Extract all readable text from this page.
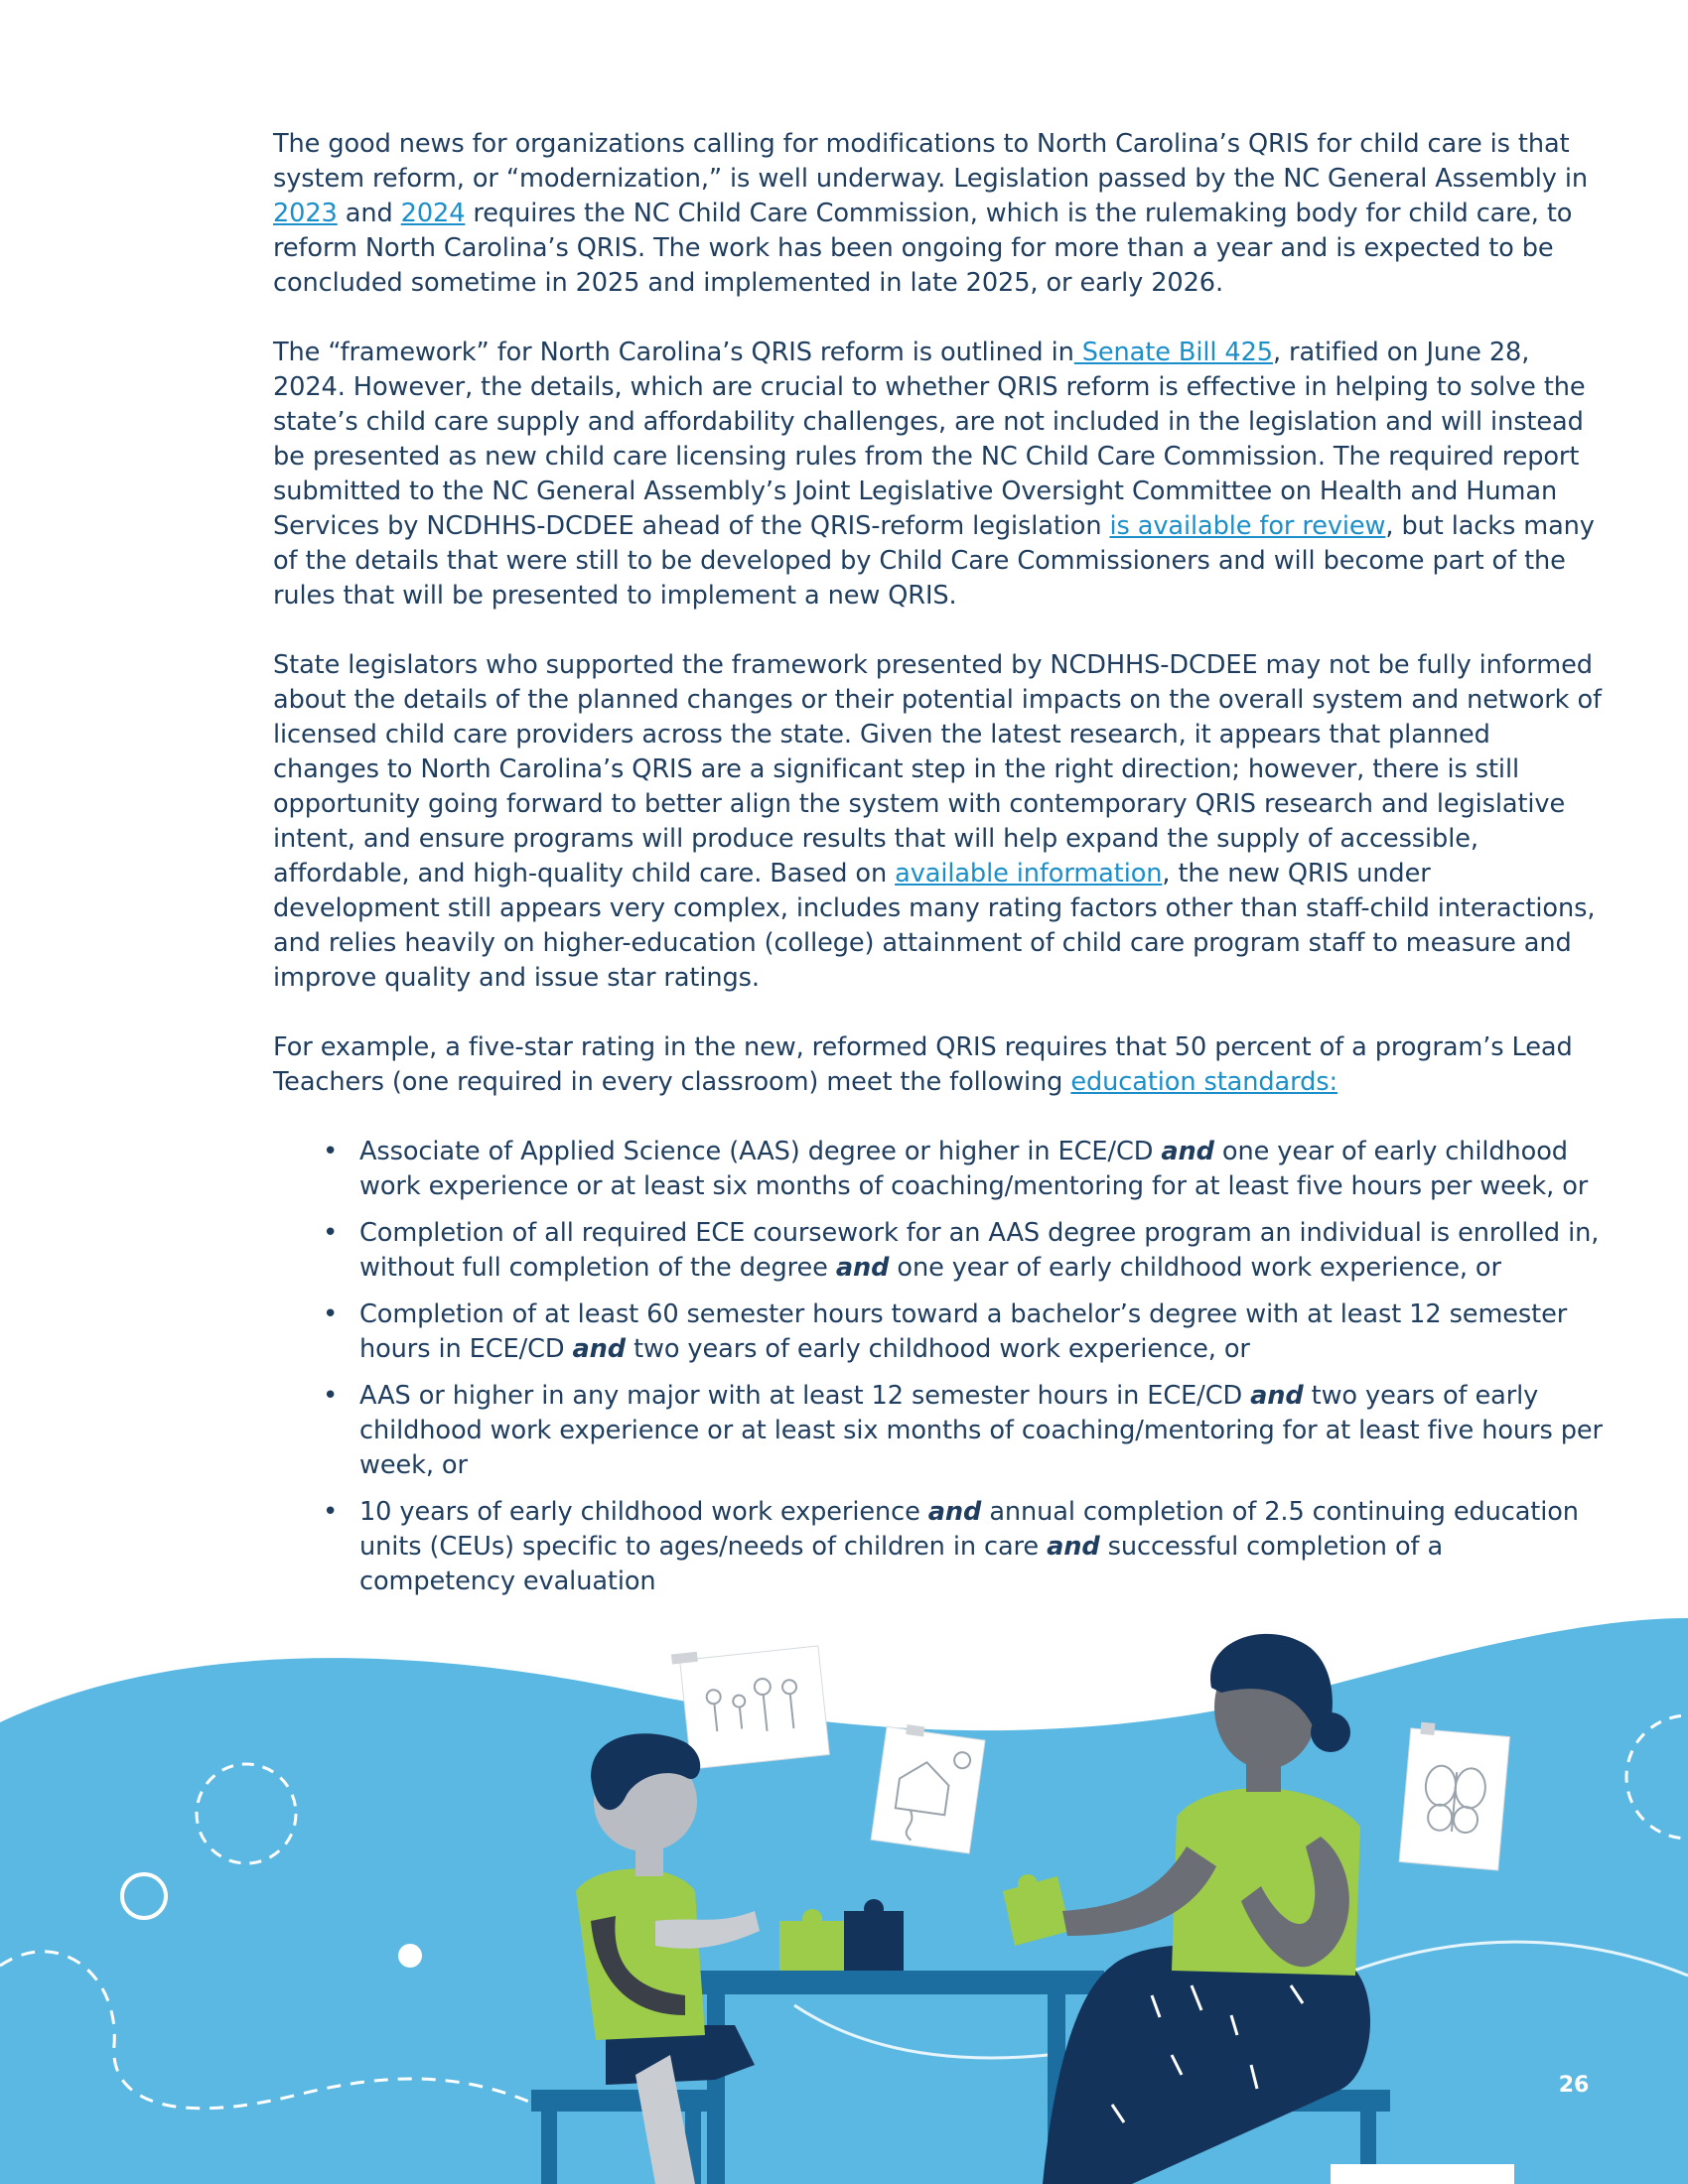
The good news for organizations calling for modifications to North Carolina’s QRIS for child care is that system reform, or “modernization,” is well underway. Legislation passed by the NC General Assembly in 2023 and 2024 requires the NC Child Care Commission, which is the rulemaking body for child care, to reform North Carolina’s QRIS. The work has been ongoing for more than a year and is expected to be concluded sometime in 2025 and implemented in late 2025, or early 2026.

The “framework” for North Carolina’s QRIS reform is outlined in Senate Bill 425, ratified on June 28, 2024. However, the details, which are crucial to whether QRIS reform is effective in helping to solve the state’s child care supply and affordability challenges, are not included in the legislation and will instead be presented as new child care licensing rules from the NC Child Care Commission. The required report submitted to the NC General Assembly’s Joint Legislative Oversight Committee on Health and Human Services by NCDHHS-DCDEE ahead of the QRIS-reform legislation is available for review, but lacks many of the details that were still to be developed by Child Care Commissioners and will become part of the rules that will be presented to implement a new QRIS.

State legislators who supported the framework presented by NCDHHS-DCDEE may not be fully informed about the details of the planned changes or their potential impacts on the overall system and network of licensed child care providers across the state. Given the latest research, it appears that planned changes to North Carolina’s QRIS are a significant step in the right direction; however, there is still opportunity going forward to better align the system with contemporary QRIS research and legislative intent, and ensure programs will produce results that will help expand the supply of accessible, affordable, and high-quality child care. Based on available information, the new QRIS under development still appears very complex, includes many rating factors other than staff-child interactions, and relies heavily on higher-education (college) attainment of child care program staff to measure and improve quality and issue star ratings.

For example, a five-star rating in the new, reformed QRIS requires that 50 percent of a program’s Lead Teachers (one required in every classroom) meet the following education standards:

• Associate of Applied Science (AAS) degree or higher in ECE/CD and one year of early childhood work experience or at least six months of coaching/mentoring for at least five hours per week, or
• Completion of all required ECE coursework for an AAS degree program an individual is enrolled in, without full completion of the degree and one year of early childhood work experience, or
• Completion of at least 60 semester hours toward a bachelor’s degree with at least 12 semester hours in ECE/CD and two years of early childhood work experience, or
• AAS or higher in any major with at least 12 semester hours in ECE/CD and two years of early childhood work experience or at least six months of coaching/mentoring for at least five hours per week, or
• 10 years of early childhood work experience and annual completion of 2.5 continuing education units (CEUs) specific to ages/needs of children in care and successful completion of a competency evaluation
26
